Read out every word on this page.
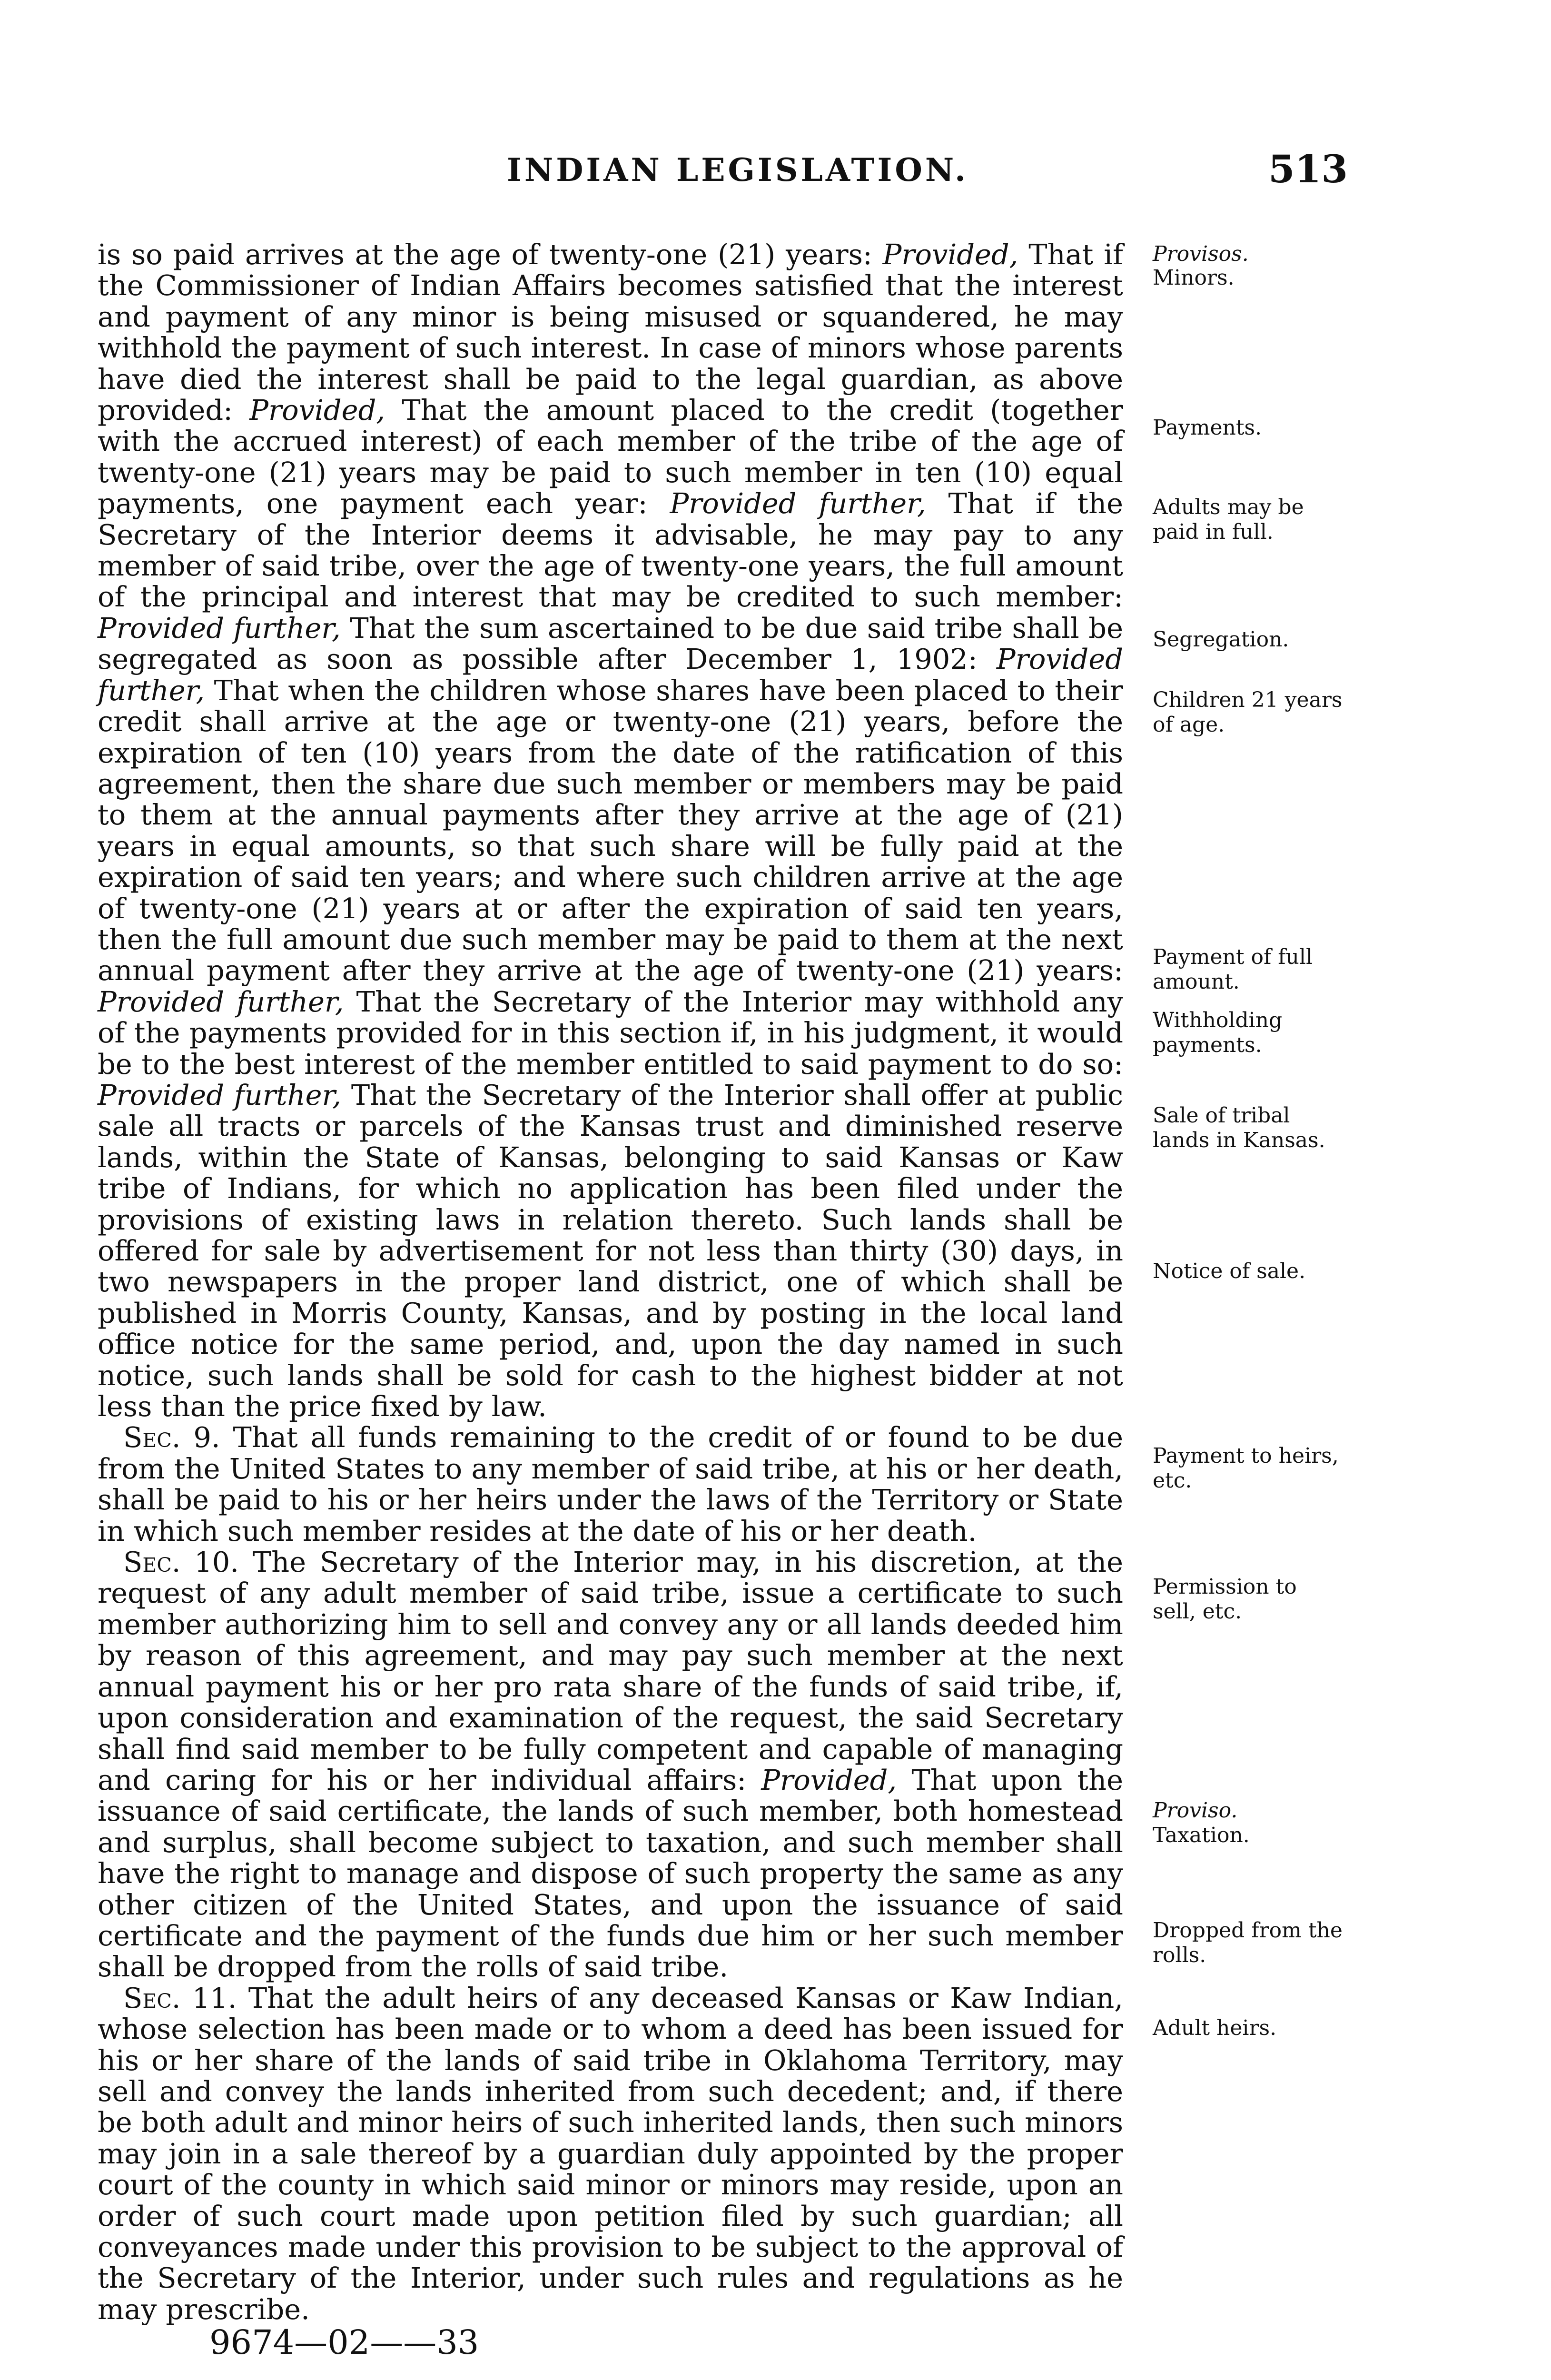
INDIAN LEGISLATION.	513

is so paid arrives at the age of twenty-one (21) years: Provided, That if the Commissioner of Indian Affairs becomes satisfied that the interest and payment of any minor is being misused or squandered, he may withhold the payment of such interest. In case of minors whose parents have died the interest shall be paid to the legal guardian, as above provided: Provided, That the amount placed to the credit (together with the accrued interest) of each member of the tribe of the age of twenty-one (21) years may be paid to such member in ten (10) equal payments, one payment each year: Provided further, That if the Secretary of the Interior deems it advisable, he may pay to any member of said tribe, over the age of twenty-one years, the full amount of the principal and interest that may be credited to such member: Provided further, That the sum ascertained to be due said tribe shall be segregated as soon as possible after December 1, 1902: Provided further, That when the children whose shares have been placed to their credit shall arrive at the age or twenty-one (21) years, before the expiration of ten (10) years from the date of the ratification of this agreement, then the share due such member or members may be paid to them at the annual payments after they arrive at the age of (21) years in equal amounts, so that such share will be fully paid at the expiration of said ten years; and where such children arrive at the age of twenty-one (21) years at or after the expiration of said ten years, then the full amount due such member may be paid to them at the next annual payment after they arrive at the age of twenty-one (21) years: Provided further, That the Secretary of the Interior may withhold any of the payments provided for in this section if, in his judgment, it would be to the best interest of the member entitled to said payment to do so: Provided further, That the Secretary of the Interior shall offer at public sale all tracts or parcels of the Kansas trust and diminished reserve lands, within the State of Kansas, belonging to said Kansas or Kaw tribe of Indians, for which no application has been filed under the provisions of existing laws in relation thereto. Such lands shall be offered for sale by advertisement for not less than thirty (30) days, in two newspapers in the proper land district, one of which shall be published in Morris County, Kansas, and by posting in the local land office notice for the same period, and, upon the day named in such notice, such lands shall be sold for cash to the highest bidder at not less than the price fixed by law.

Sec. 9. That all funds remaining to the credit of or found to be due from the United States to any member of said tribe, at his or her death, shall be paid to his or her heirs under the laws of the Territory or State in which such member resides at the date of his or her death.

Sec. 10. The Secretary of the Interior may, in his discretion, at the request of any adult member of said tribe, issue a certificate to such member authorizing him to sell and convey any or all lands deeded him by reason of this agreement, and may pay such member at the next annual payment his or her pro rata share of the funds of said tribe, if, upon consideration and examination of the request, the said Secretary shall find said member to be fully competent and capable of managing and caring for his or her individual affairs: Provided, That upon the issuance of said certificate, the lands of such member, both homestead and surplus, shall become subject to taxation, and such member shall have the right to manage and dispose of such property the same as any other citizen of the United States, and upon the issuance of said certificate and the payment of the funds due him or her such member shall be dropped from the rolls of said tribe.

Sec. 11. That the adult heirs of any deceased Kansas or Kaw Indian, whose selection has been made or to whom a deed has been issued for his or her share of the lands of said tribe in Oklahoma Territory, may sell and convey the lands inherited from such decedent; and, if there be both adult and minor heirs of such inherited lands, then such minors may join in a sale thereof by a guardian duly appointed by the proper court of the county in which said minor or minors may reside, upon an order of such court made upon petition filed by such guardian; all conveyances made under this provision to be subject to the approval of the Secretary of the Interior, under such rules and regulations as he may prescribe.

Provisos.
Minors.
Payments.
Adults may be paid in full.
Segregation.
Children 21 years of age.
Payment of full amount.
Withholding payments.
Sale of tribal lands in Kansas.
Notice of sale.
Payment to heirs, etc.
Permission to sell, etc.
Proviso.
Taxation.
Dropped from the rolls.
Adult heirs.
9674—02——33
